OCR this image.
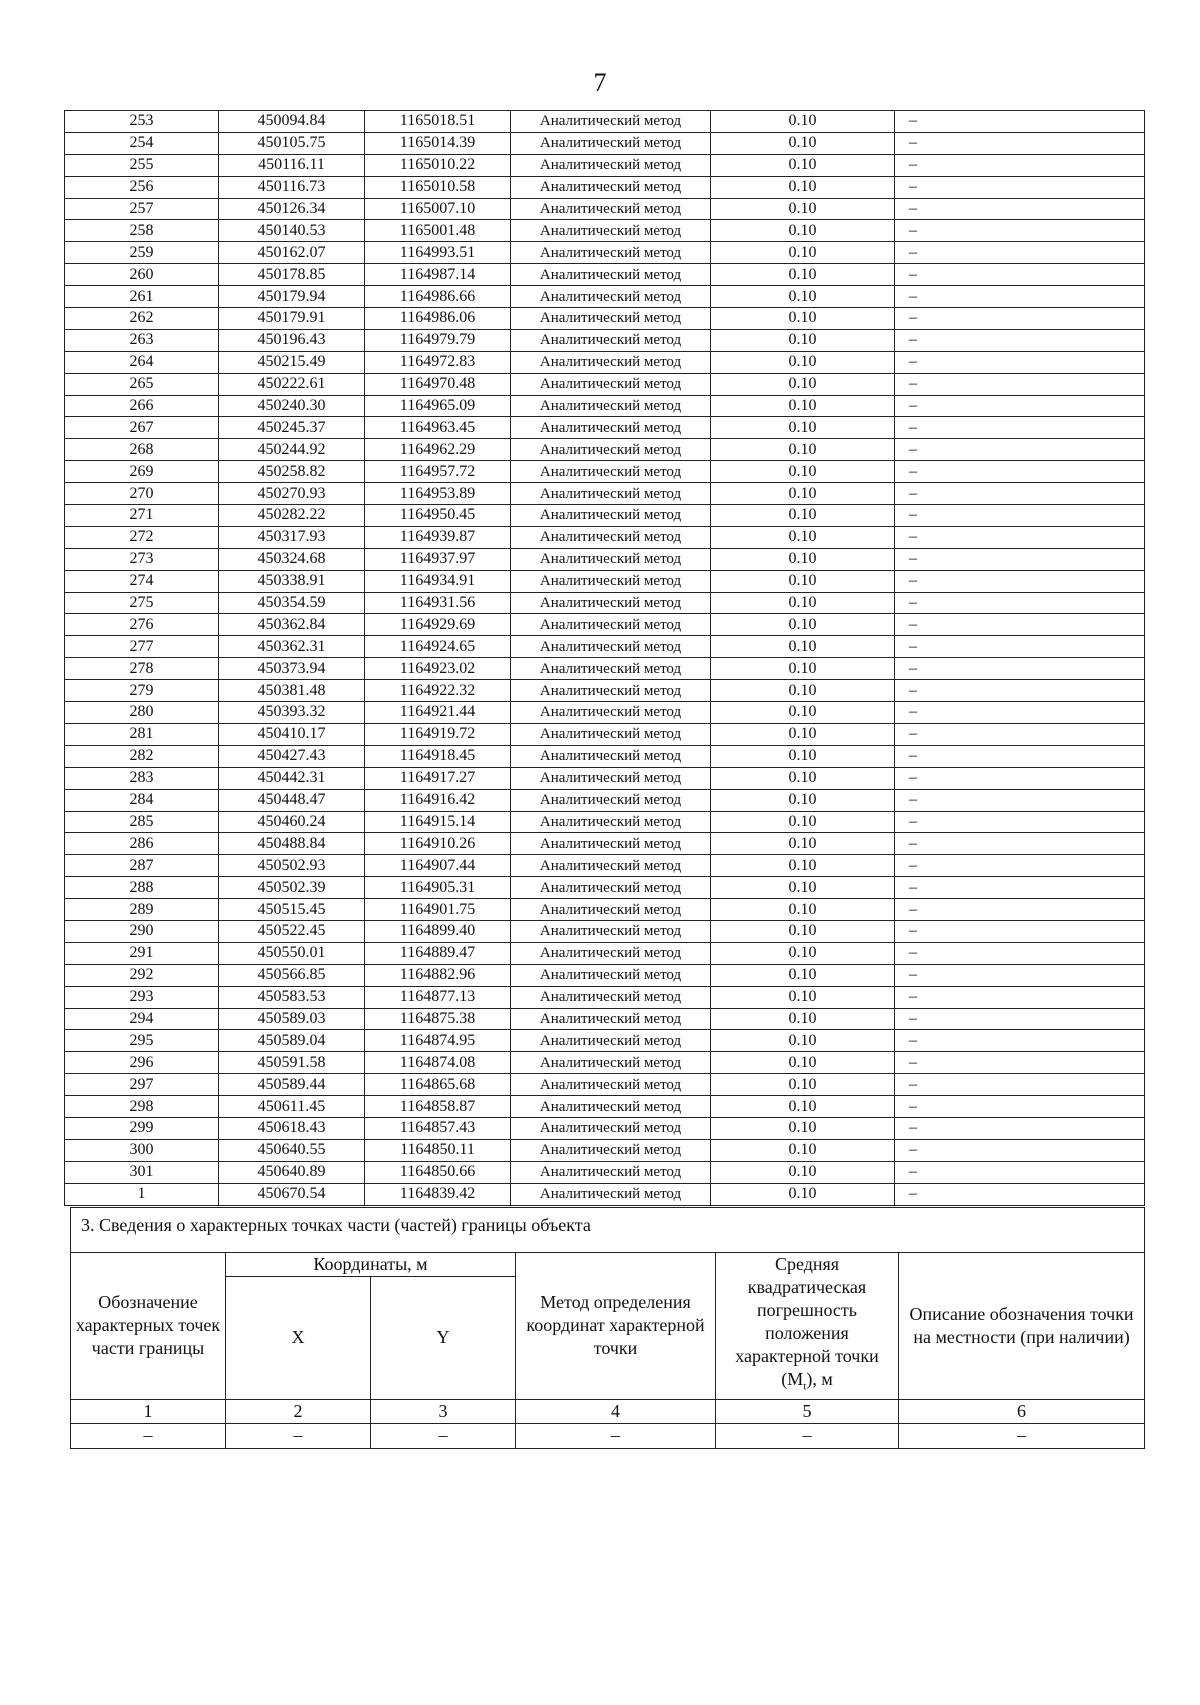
7
253	450094.84	1165018.51	Аналитический метод	0.10	–
254	450105.75	1165014.39	Аналитический метод	0.10	–
255	450116.11	1165010.22	Аналитический метод	0.10	–
256	450116.73	1165010.58	Аналитический метод	0.10	–
257	450126.34	1165007.10	Аналитический метод	0.10	–
258	450140.53	1165001.48	Аналитический метод	0.10	–
259	450162.07	1164993.51	Аналитический метод	0.10	–
260	450178.85	1164987.14	Аналитический метод	0.10	–
261	450179.94	1164986.66	Аналитический метод	0.10	–
262	450179.91	1164986.06	Аналитический метод	0.10	–
263	450196.43	1164979.79	Аналитический метод	0.10	–
264	450215.49	1164972.83	Аналитический метод	0.10	–
265	450222.61	1164970.48	Аналитический метод	0.10	–
266	450240.30	1164965.09	Аналитический метод	0.10	–
267	450245.37	1164963.45	Аналитический метод	0.10	–
268	450244.92	1164962.29	Аналитический метод	0.10	–
269	450258.82	1164957.72	Аналитический метод	0.10	–
270	450270.93	1164953.89	Аналитический метод	0.10	–
271	450282.22	1164950.45	Аналитический метод	0.10	–
272	450317.93	1164939.87	Аналитический метод	0.10	–
273	450324.68	1164937.97	Аналитический метод	0.10	–
274	450338.91	1164934.91	Аналитический метод	0.10	–
275	450354.59	1164931.56	Аналитический метод	0.10	–
276	450362.84	1164929.69	Аналитический метод	0.10	–
277	450362.31	1164924.65	Аналитический метод	0.10	–
278	450373.94	1164923.02	Аналитический метод	0.10	–
279	450381.48	1164922.32	Аналитический метод	0.10	–
280	450393.32	1164921.44	Аналитический метод	0.10	–
281	450410.17	1164919.72	Аналитический метод	0.10	–
282	450427.43	1164918.45	Аналитический метод	0.10	–
283	450442.31	1164917.27	Аналитический метод	0.10	–
284	450448.47	1164916.42	Аналитический метод	0.10	–
285	450460.24	1164915.14	Аналитический метод	0.10	–
286	450488.84	1164910.26	Аналитический метод	0.10	–
287	450502.93	1164907.44	Аналитический метод	0.10	–
288	450502.39	1164905.31	Аналитический метод	0.10	–
289	450515.45	1164901.75	Аналитический метод	0.10	–
290	450522.45	1164899.40	Аналитический метод	0.10	–
291	450550.01	1164889.47	Аналитический метод	0.10	–
292	450566.85	1164882.96	Аналитический метод	0.10	–
293	450583.53	1164877.13	Аналитический метод	0.10	–
294	450589.03	1164875.38	Аналитический метод	0.10	–
295	450589.04	1164874.95	Аналитический метод	0.10	–
296	450591.58	1164874.08	Аналитический метод	0.10	–
297	450589.44	1164865.68	Аналитический метод	0.10	–
298	450611.45	1164858.87	Аналитический метод	0.10	–
299	450618.43	1164857.43	Аналитический метод	0.10	–
300	450640.55	1164850.11	Аналитический метод	0.10	–
301	450640.89	1164850.66	Аналитический метод	0.10	–
1	450670.54	1164839.42	Аналитический метод	0.10	–
3. Сведения о характерных точках части (частей) границы объекта					

Обозначение характерных точек части границы	Координаты, м		Метод определения координат характерной точки	Средняя квадратическая погрешность положения характерной точки $(M_t)$, м	Описание обозначения точки на местности (при наличии)
	X	Y			
1	2	3	4	5	6
–	–	–	–	–	–
